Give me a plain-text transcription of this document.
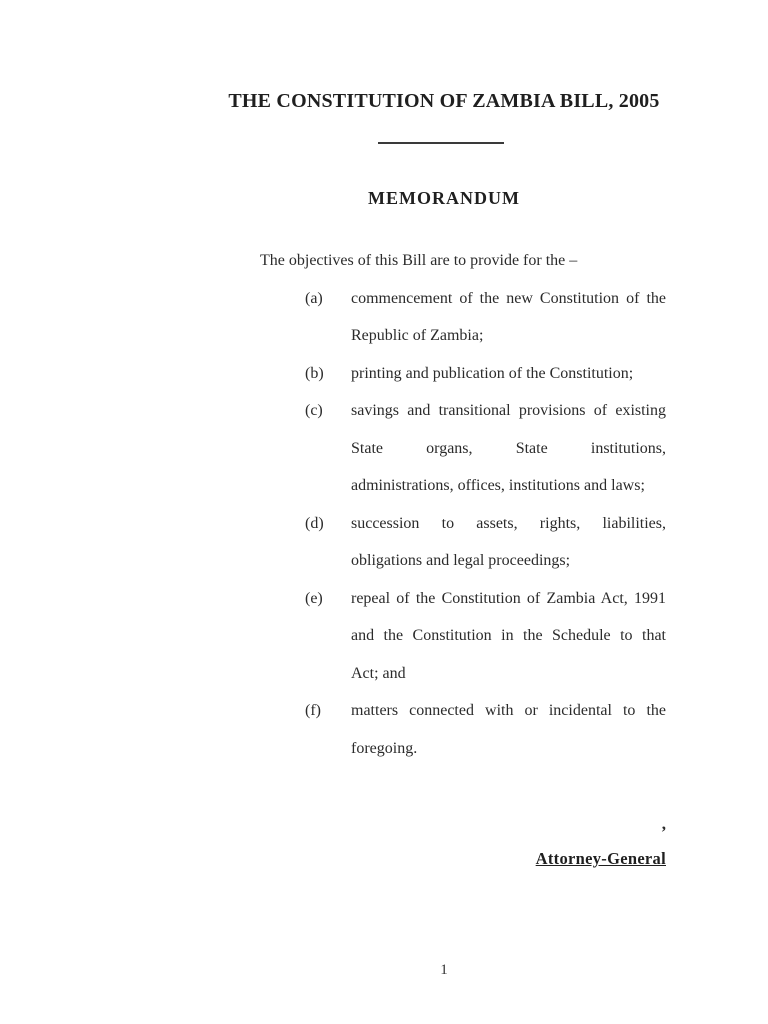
THE CONSTITUTION OF ZAMBIA BILL, 2005
MEMORANDUM
The objectives of this Bill are to provide for the –
(a) commencement of the new Constitution of the
Republic of Zambia;
(b) printing and publication of the Constitution;
(c) savings and transitional provisions of existing
State organs, State institutions,
administrations, offices, institutions and laws;
(d) succession to assets, rights, liabilities,
obligations and legal proceedings;
(e) repeal of the Constitution of Zambia Act, 1991
and the Constitution in the Schedule to that
Act; and
(f) matters connected with or incidental to the
foregoing.
,
Attorney-General
1
